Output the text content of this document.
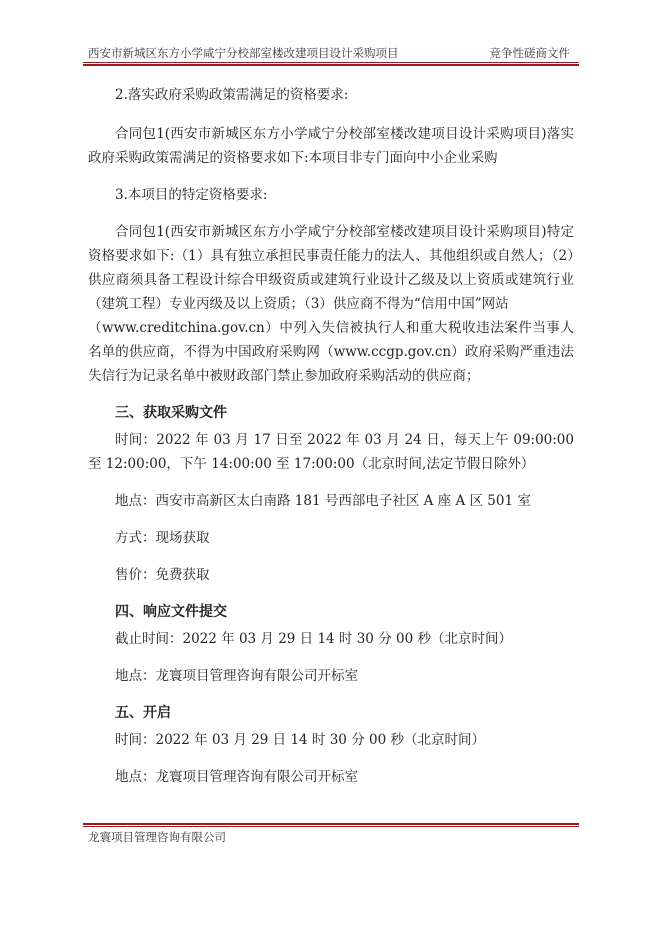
西安市新城区东方小学咸宁分校部室楼改建项目设计采购项目	竞争性磋商文件

2.落实政府采购政策需满足的资格要求:

合同包1(西安市新城区东方小学咸宁分校部室楼改建项目设计采购项目)落实政府采购政策需满足的资格要求如下:本项目非专门面向中小企业采购

3.本项目的特定资格要求:

合同包1(西安市新城区东方小学咸宁分校部室楼改建项目设计采购项目)特定资格要求如下:（1）具有独立承担民事责任能力的法人、其他组织或自然人；（2）供应商须具备工程设计综合甲级资质或建筑行业设计乙级及以上资质或建筑行业（建筑工程）专业丙级及以上资质；（3）供应商不得为“信用中国”网站

（www.creditchina.gov.cn）中列入失信被执行人和重大税收违法案件当事人名单的供应商，不得为中国政府采购网（www.ccgp.gov.cn）政府采购严重违法失信行为记录名单中被财政部门禁止参加政府采购活动的供应商；

三、获取采购文件

时间：2022 年 03 月 17 日至 2022 年 03 月 24 日，每天上午 09:00:00 至 12:00:00，下午 14:00:00 至 17:00:00（北京时间,法定节假日除外）

地点：西安市高新区太白南路 181 号西部电子社区 A 座 A 区 501 室

方式：现场获取

售价：免费获取

四、响应文件提交

截止时间：2022 年 03 月 29 日 14 时 30 分 00 秒（北京时间）

地点：龙寰项目管理咨询有限公司开标室

五、开启

时间：2022 年 03 月 29 日 14 时 30 分 00 秒（北京时间）

地点：龙寰项目管理咨询有限公司开标室

龙寰项目管理咨询有限公司
